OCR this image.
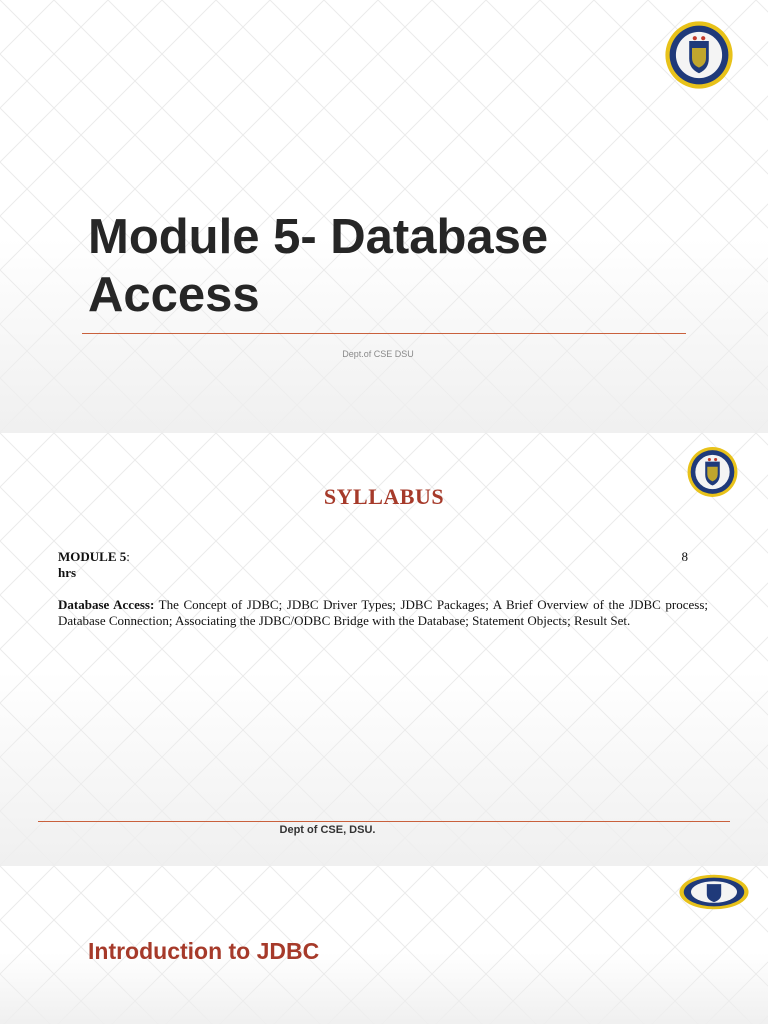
Module 5- Database Access
Dept.of CSE DSU
SYLLABUS
MODULE 5:	8
hrs

Database Access: The Concept of JDBC; JDBC Driver Types; JDBC Packages; A Brief Overview of the JDBC process; Database Connection; Associating the JDBC/ODBC Bridge with the Database; Statement Objects; Result Set.

Dept of CSE, DSU.
Introduction to JDBC
